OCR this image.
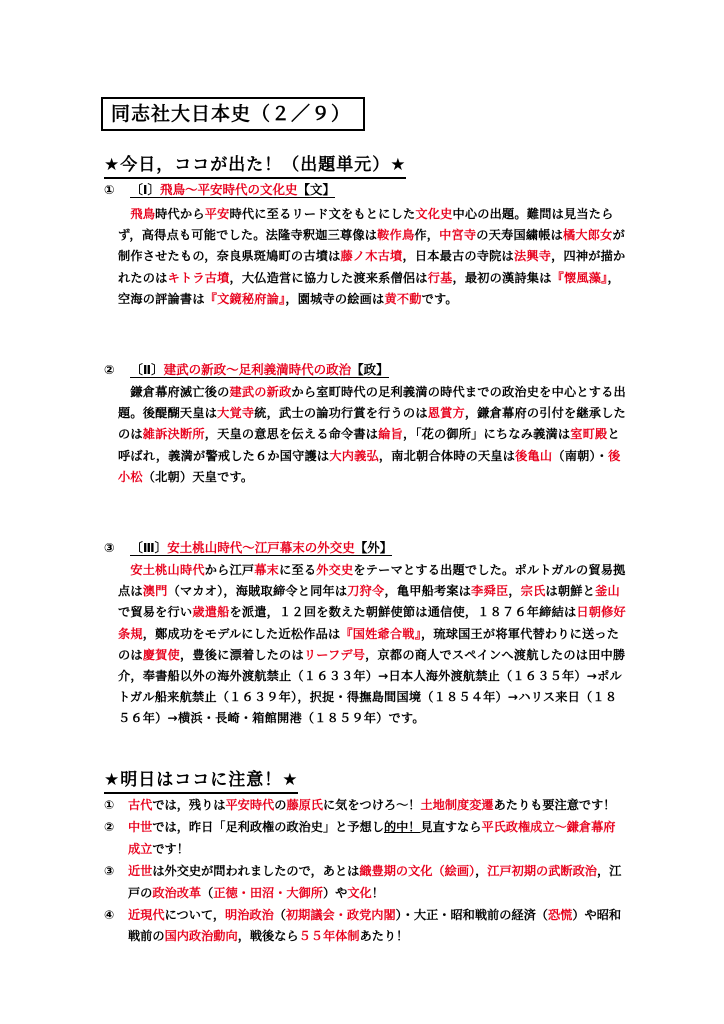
同志社大日本史（２／９）
★今日，ココが出た！（出題単元）★
① 〔Ⅰ〕飛鳥～平安時代の文化史【文】
　飛鳥時代から平安時代に至るリード文をもとにした文化史中心の出題。難問は見当たらず，高得点も可能でした。法隆寺釈迦三尊像は鞍作鳥作，中宮寺の天寿国繍帳は橘大郎女が制作させたもの，奈良県斑鳩町の古墳は藤ノ木古墳，日本最古の寺院は法興寺，四神が描かれたのはキトラ古墳，大仏造営に協力した渡来系僧侶は行基，最初の漢詩集は『懐風藻』，空海の評論書は『文鏡秘府論』，園城寺の絵画は黄不動です。
② 〔Ⅱ〕建武の新政～足利義満時代の政治【政】
　鎌倉幕府滅亡後の建武の新政から室町時代の足利義満の時代までの政治史を中心とする出題。後醍醐天皇は大覚寺統，武士の論功行賞を行うのは恩賞方，鎌倉幕府の引付を継承したのは雑訴決断所，天皇の意思を伝える命令書は綸旨，「花の御所」にちなみ義満は室町殿と呼ばれ，義満が警戒した６か国守護は大内義弘，南北朝合体時の天皇は後亀山（南朝）・後小松（北朝）天皇です。
③ 〔Ⅲ〕安土桃山時代～江戸幕末の外交史【外】
　安土桃山時代から江戸幕末に至る外交史をテーマとする出題でした。ポルトガルの貿易拠点は澳門（マカオ），海賊取締令と同年は刀狩令，亀甲船考案は李舜臣，宗氏は朝鮮と釜山で貿易を行い歳遣船を派遣，１２回を数えた朝鮮使節は通信使，１８７６年締結は日朝修好条規，鄭成功をモデルにした近松作品は『国姓爺合戦』，琉球国王が将軍代替わりに送ったのは慶賀使，豊後に漂着したのはリーフデ号，京都の商人でスペインへ渡航したのは田中勝介，奉書船以外の海外渡航禁止（１６３３年）→日本人海外渡航禁止（１６３５年）→ポルトガル船来航禁止（１６３９年），択捉・得撫島間国境（１８５４年）→ハリス来日（１８５６年）→横浜・長崎・箱館開港（１８５９年）です。
★明日はココに注意！★
①	古代では，残りは平安時代の藤原氏に気をつけろ～！土地制度変遷あたりも要注意です！
②	中世では，昨日「足利政権の政治史」と予想し的中！見直すなら平氏政権成立～鎌倉幕府成立です！
③	近世は外交史が問われましたので，あとは織豊期の文化（絵画），江戸初期の武断政治，江戸の政治改革（正徳・田沼・大御所）や文化！
④	近現代について，明治政治（初期議会・政党内閣）・大正・昭和戦前の経済（恐慌）や昭和戦前の国内政治動向，戦後なら５５年体制あたり！
